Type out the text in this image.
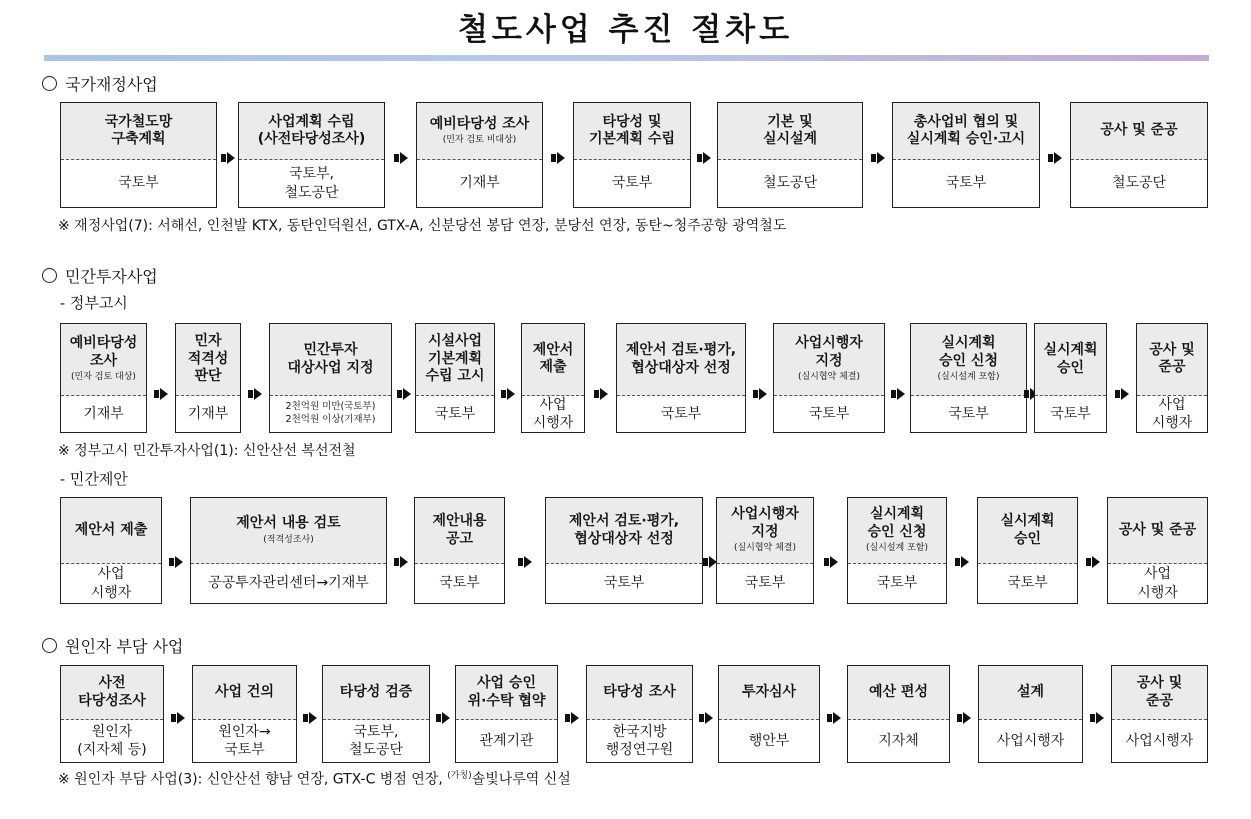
철도사업 추진 절차도
국가재정사업
민간투자사업
- 정부고시
- 민간제안
원인자 부담 사업
※ 재정사업(7): 서해선, 인천발 KTX, 동탄인덕원선, GTX-A, 신분당선 봉담 연장, 분당선 연장, 동탄~청주공항 광역철도
※ 정부고시 민간투자사업(1): 신안산선 복선전철
※ 원인자 부담 사업(3): 신안산선 향남 연장, GTX-C 병점 연장, $^{(가칭)}$솔빛나루역 신설
국가철도망
구축계획
국토부
사업계획 수립
(사전타당성조사)
국토부,
철도공단
예비타당성 조사
(민자 검토 비대상)
기재부
타당성 및
기본계획 수립
국토부
기본 및
실시설계
철도공단
총사업비 협의 및
실시계획 승인·고시
국토부
공사 및 준공
철도공단
예비타당성
조사
(민자 검토 대상)
기재부
민자
적격성
판단
기재부
민간투자
대상사업 지정
2천억원 미만(국토부)
2천억원 이상(기재부)
시설사업
기본계획
수립 고시
국토부
제안서
제출
사업
시행자
제안서 검토·평가,
협상대상자 선정
국토부
사업시행자
지정
(실시협약 체결)
국토부
실시계획
승인 신청
(실시설계 포함)
국토부
실시계획
승인
국토부
공사 및
준공
사업
시행자
제안서 제출
사업
시행자
제안서 내용 검토
(적격성조사)
공공투자관리센터→기재부
제안내용
공고
국토부
제안서 검토·평가,
협상대상자 선정
국토부
사업시행자
지정
(실시협약 체결)
국토부
실시계획
승인 신청
(실시설계 포함)
국토부
실시계획
승인
국토부
공사 및 준공
사업
시행자
사전
타당성조사
원인자
(지자체 등)
사업 건의
원인자→
국토부
타당성 검증
국토부,
철도공단
사업 승인
위·수탁 협약
관계기관
타당성 조사
한국지방
행정연구원
투자심사
행안부
예산 편성
지자체
설계
사업시행자
공사 및
준공
사업시행자
